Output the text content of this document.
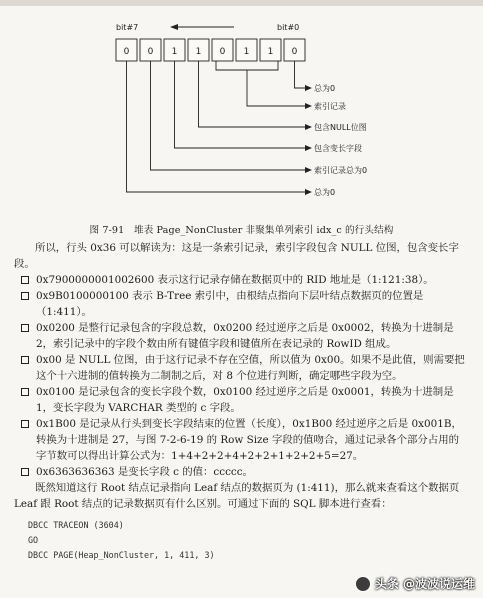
bit#7	bit#0
0 0 1 1 0 1 1 0
总为0
索引记录
包含NULL位图
包含变长字段
索引记录总为0
总为0
图 7-91　堆表 Page_NonCluster 非聚集单列索引 idx_c 的行头结构

所以，行头 0x36 可以解读为：这是一条索引记录，索引字段包含 NULL 位图，包含变长字段。

0x7900000001002600 表示这行记录存储在数据页中的 RID 地址是（1:121:38）。
0x9B0100000100 表示 B-Tree 索引中，由根结点指向下层叶结点数据页的位置是（1:411）。
0x0200 是整行记录包含的字段总数，0x0200 经过逆序之后是 0x0002，转换为十进制是 2，索引记录中的字段个数由所有键值字段和键值所在表记录的 RowID 组成。
0x00 是 NULL 位图，由于这行记录不存在空值，所以值为 0x00。如果不是此值，则需要把这个十六进制的值转换为二制制之后，对 8 个位进行判断，确定哪些字段为空。
0x0100 是记录包含的变长字段个数，0x0100 经过逆序之后是 0x0001，转换为十进制是 1，变长字段为 VARCHAR 类型的 c 字段。
0x1B00 是记录从行头到变长字段结束的位置（长度），0x1B00 经过逆序之后是 0x001B，转换为十进制是 27，与图 7-2-6-19 的 Row Size 字段的值吻合，通过记录各个部分占用的字节数可以得出计算公式为：1+4+2+2+4+2+2+1+2+2+5=27。
0x6363636363 是变长字段 c 的值：ccccc。

既然知道这行 Root 结点记录指向 Leaf 结点的数据页为 (1:411)，那么就来查看这个数据页 Leaf 跟 Root 结点的记录数据页有什么区别。可通过下面的 SQL 脚本进行查看：

DBCC TRACEON (3604)
GO
DBCC PAGE(Heap_NonCluster, 1, 411, 3)
头条 @波波说运维
